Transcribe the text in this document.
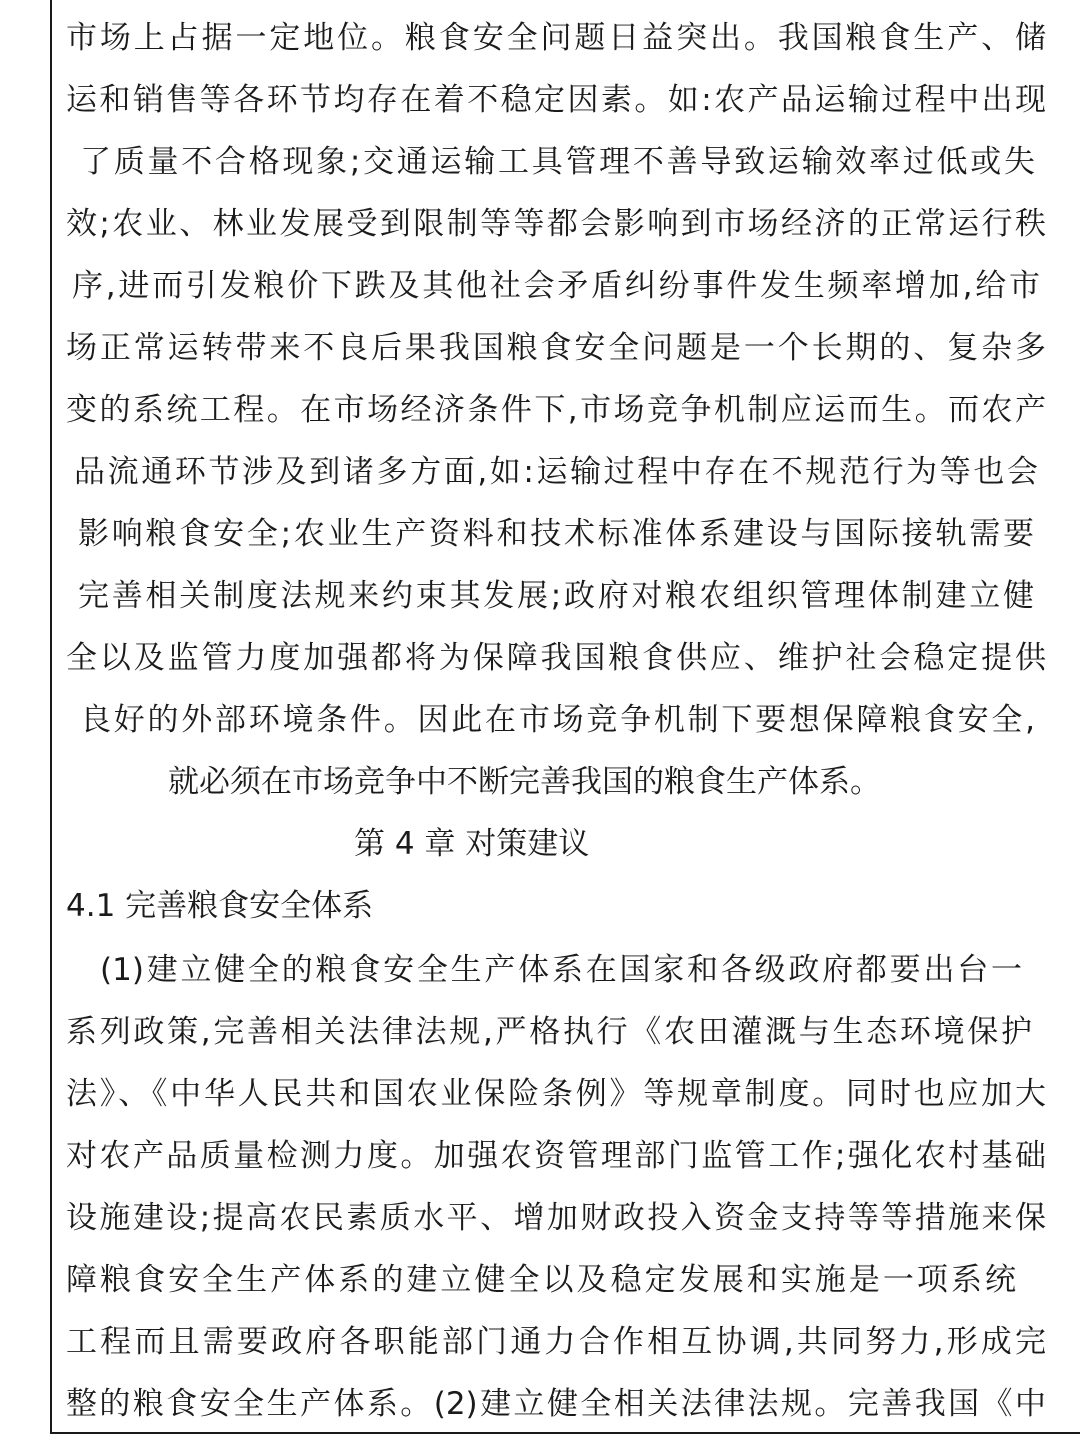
市场上占据一定地位。粮食安全问题日益突出。我国粮食生产、储
运和销售等各环节均存在着不稳定因素。如:农产品运输过程中出现
了质量不合格现象;交通运输工具管理不善导致运输效率过低或失
效;农业、林业发展受到限制等等都会影响到市场经济的正常运行秩
序,进而引发粮价下跌及其他社会矛盾纠纷事件发生频率增加,给市
场正常运转带来不良后果我国粮食安全问题是一个长期的、复杂多
变的系统工程。在市场经济条件下,市场竞争机制应运而生。而农产
品流通环节涉及到诸多方面,如:运输过程中存在不规范行为等也会
影响粮食安全;农业生产资料和技术标准体系建设与国际接轨需要
完善相关制度法规来约束其发展;政府对粮农组织管理体制建立健
全以及监管力度加强都将为保障我国粮食供应、维护社会稳定提供
良好的外部环境条件。因此在市场竞争机制下要想保障粮食安全,
就必须在市场竞争中不断完善我国的粮食生产体系。
第 4 章 对策建议
4.1 完善粮食安全体系
(1)建立健全的粮食安全生产体系在国家和各级政府都要出台一
系列政策,完善相关法律法规,严格执行《农田灌溉与生态环境保护
法》、《中华人民共和国农业保险条例》等规章制度。同时也应加大
对农产品质量检测力度。加强农资管理部门监管工作;强化农村基础
设施建设;提高农民素质水平、增加财政投入资金支持等等措施来保
障粮食安全生产体系的建立健全以及稳定发展和实施是一项系统
工程而且需要政府各职能部门通力合作相互协调,共同努力,形成完
整的粮食安全生产体系。(2)建立健全相关法律法规。完善我国《中
